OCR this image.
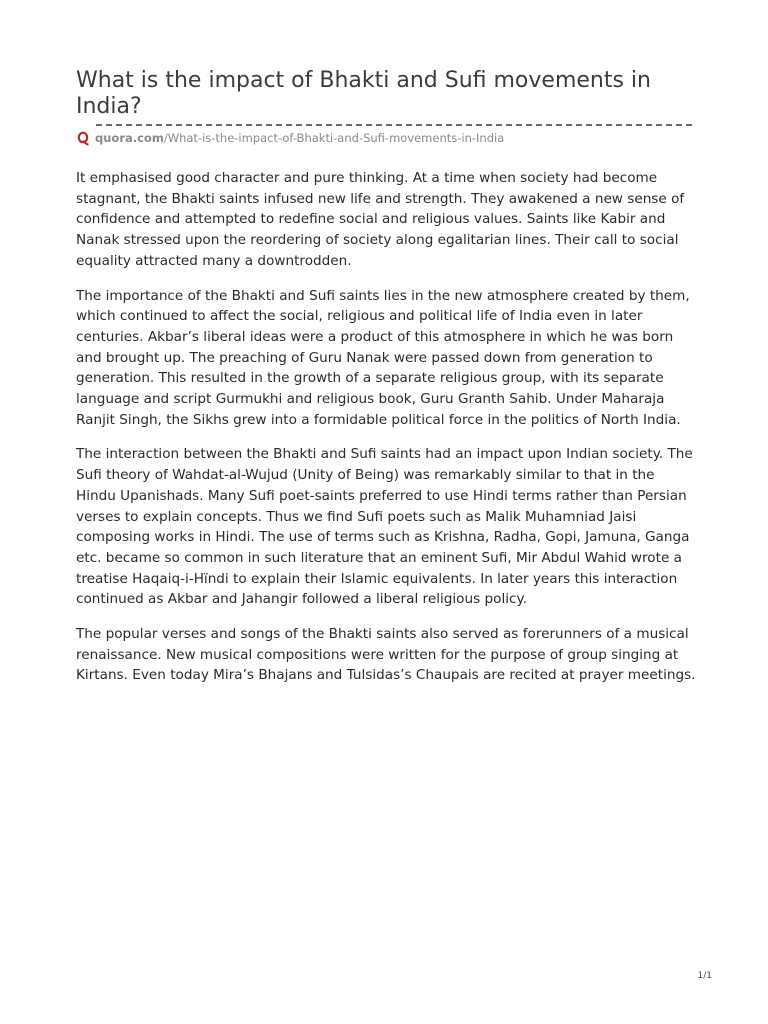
What is the impact of Bhakti and Sufi movements in India?
quora.com /What-is-the-impact-of-Bhakti-and-Sufi-movements-in-India

It emphasised good character and pure thinking. At a time when society had become stagnant, the Bhakti saints infused new life and strength. They awakened a new sense of confidence and attempted to redefine social and religious values. Saints like Kabir and Nanak stressed upon the reordering of society along egalitarian lines. Their call to social equality attracted many a downtrodden.

The importance of the Bhakti and Sufi saints lies in the new atmosphere created by them, which continued to affect the social, religious and political life of India even in later centuries. Akbar’s liberal ideas were a product of this atmosphere in which he was born and brought up. The preaching of Guru Nanak were passed down from generation to generation. This resulted in the growth of a separate religious group, with its separate language and script Gurmukhi and religious book, Guru Granth Sahib. Under Maharaja Ranjit Singh, the Sikhs grew into a formidable political force in the politics of North India.

The interaction between the Bhakti and Sufi saints had an impact upon Indian society. The Sufi theory of Wahdat-al-Wujud (Unity of Being) was remarkably similar to that in the Hindu Upanishads. Many Sufi poet-saints preferred to use Hindi terms rather than Persian verses to explain concepts. Thus we find Sufi poets such as Malik Muhamniad Jaisi composing works in Hindi. The use of terms such as Krishna, Radha, Gopi, Jamuna, Ganga etc. became so common in such literature that an eminent Sufi, Mir Abdul Wahid wrote a treatise Haqaiq-i-Hïndi to explain their Islamic equivalents. In later years this interaction continued as Akbar and Jahangir followed a liberal religious policy.

The popular verses and songs of the Bhakti saints also served as forerunners of a musical renaissance. New musical compositions were written for the purpose of group singing at Kirtans. Even today Mira’s Bhajans and Tulsidas’s Chaupais are recited at prayer meetings.

1/1
